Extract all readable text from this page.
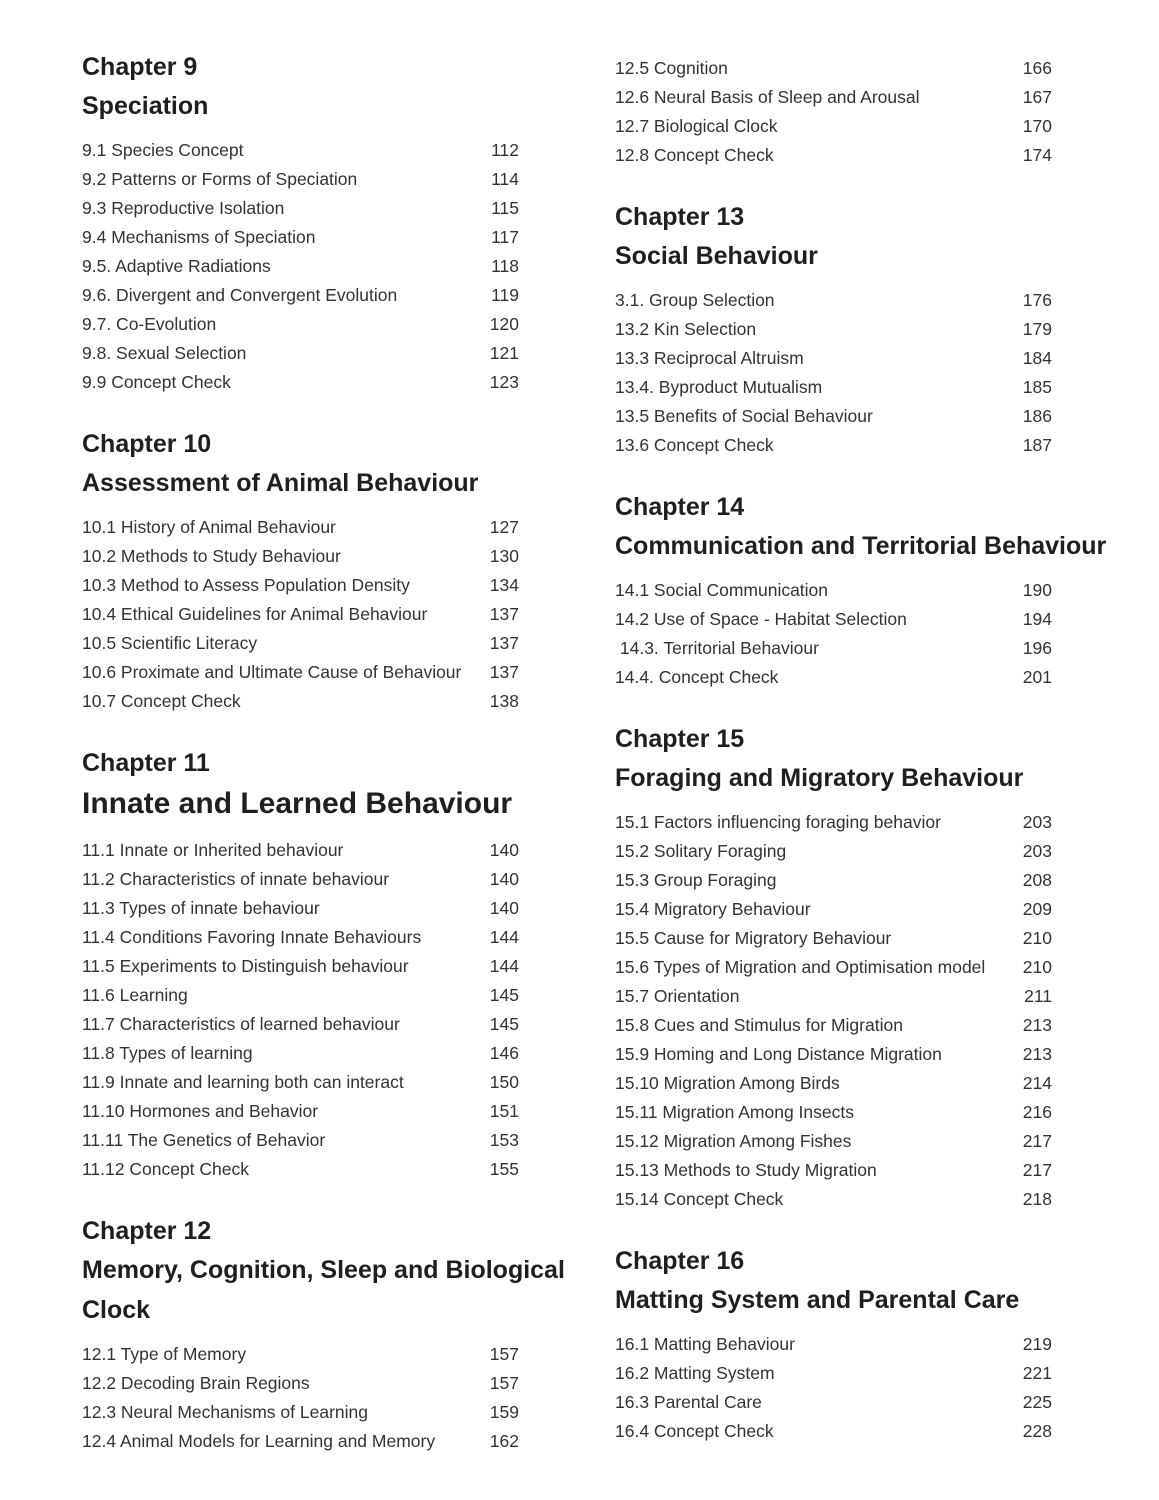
Chapter 9
Speciation
9.1 Species Concept	112
9.2 Patterns or Forms of Speciation	114
9.3 Reproductive Isolation	115
9.4 Mechanisms of Speciation	117
9.5. Adaptive Radiations	118
9.6. Divergent and Convergent Evolution	119
9.7. Co-Evolution	120
9.8. Sexual Selection	121
9.9 Concept Check	123
Chapter 10
Assessment of Animal Behaviour
10.1 History of Animal Behaviour	127
10.2 Methods to Study Behaviour	130
10.3 Method to Assess Population Density	134
10.4 Ethical Guidelines for Animal Behaviour	137
10.5 Scientific Literacy	137
10.6 Proximate and Ultimate Cause of Behaviour 137
10.7 Concept Check	138
Chapter 11
Innate and Learned Behaviour
11.1 Innate or Inherited behaviour	140
11.2 Characteristics of innate behaviour	140
11.3 Types of innate behaviour	140
11.4 Conditions Favoring Innate Behaviours	144
11.5 Experiments to Distinguish behaviour	144
11.6 Learning	145
11.7 Characteristics of learned behaviour	145
11.8 Types of learning	146
11.9 Innate and learning both can interact	150
11.10 Hormones and Behavior	151
11.11 The Genetics of Behavior	153
11.12 Concept Check	155
Chapter 12
Memory, Cognition, Sleep and Biological
Clock
12.1 Type of Memory	157
12.2 Decoding Brain Regions	157
12.3 Neural Mechanisms of Learning	159
12.4 Animal Models for Learning and Memory	162
12.5 Cognition	166
12.6 Neural Basis of Sleep and Arousal	167
12.7 Biological Clock	170
12.8 Concept Check	174
Chapter 13
Social Behaviour
3.1. Group Selection	176
13.2 Kin Selection	179
13.3 Reciprocal Altruism	184
13.4. Byproduct Mutualism	185
13.5 Benefits of Social Behaviour	186
13.6 Concept Check	187
Chapter 14
Communication and Territorial Behaviour
14.1 Social Communication	190
14.2 Use of Space - Habitat Selection	194
14.3. Territorial Behaviour	196
14.4. Concept Check	201
Chapter 15
Foraging and Migratory Behaviour
15.1 Factors influencing foraging behavior	203
15.2 Solitary Foraging	203
15.3 Group Foraging	208
15.4 Migratory Behaviour	209
15.5 Cause for Migratory Behaviour	210
15.6 Types of Migration and Optimisation model 210
15.7 Orientation	211
15.8 Cues and Stimulus for Migration	213
15.9 Homing and Long Distance Migration	213
15.10 Migration Among Birds	214
15.11 Migration Among Insects	216
15.12 Migration Among Fishes	217
15.13 Methods to Study Migration	217
15.14 Concept Check	218
Chapter 16
Matting System and Parental Care
16.1 Matting Behaviour	219
16.2 Matting System	221
16.3 Parental Care	225
16.4 Concept Check	228
